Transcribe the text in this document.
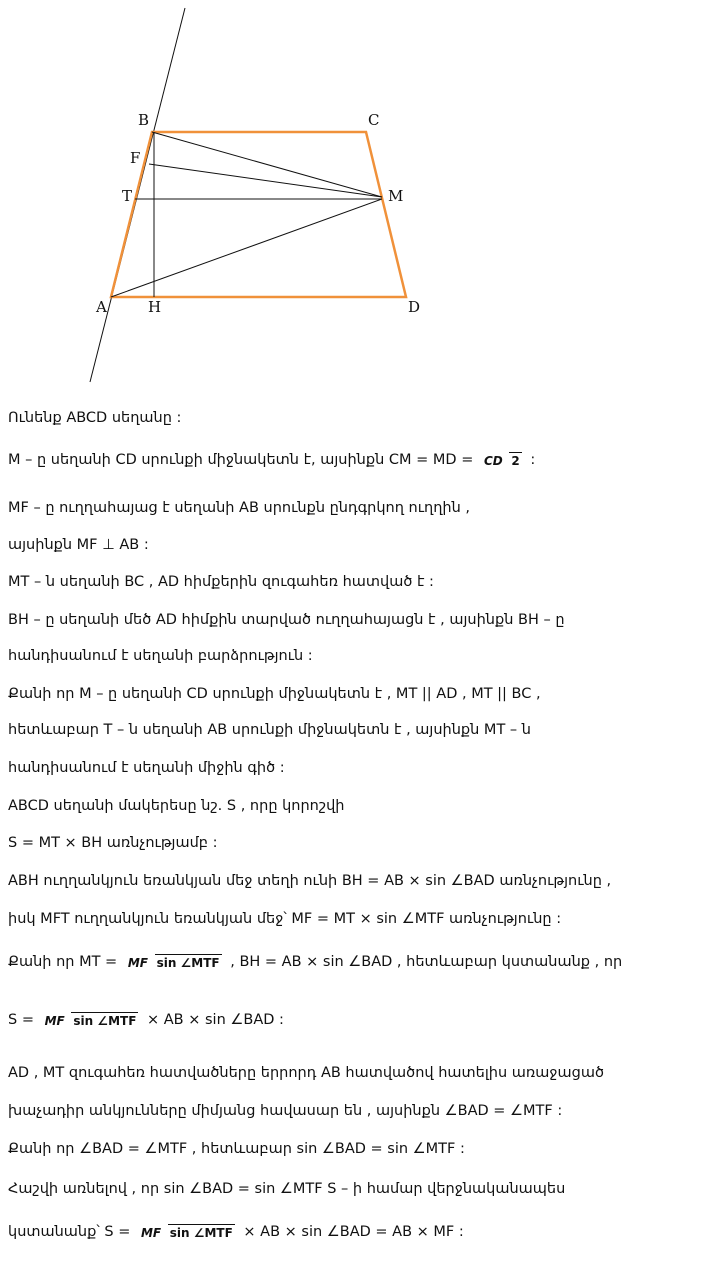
B	C
F
T	M
A	H	D
Ունենք ABCD սեղանը :
M – ը սեղանի CD սրունքի միջնակետն է, այսինքն CM = MD = CD 2 :
MF – ը ուղղահայաց է սեղանի AB սրունքն ընդգրկող ուղղին ,
այսինքն MF ⊥ AB :
MT – ն սեղանի BC , AD հիմքերին զուգահեռ հատված է :
BH – ը սեղանի մեծ AD հիմքին տարված ուղղահայացն է , այսինքն BH – ը
հանդիսանում է սեղանի բարձրություն :
Քանի որ M – ը սեղանի CD սրունքի միջնակետն է , MT || AD , MT || BC ,
հետևաբար T – ն սեղանի AB սրունքի միջնակետն է , այսինքն MT – ն
հանդիսանում է սեղանի միջին գիծ :
ABCD սեղանի մակերեսը նշ. S , որը կորոշվի
S = MT × BH առնչությամբ :
ABH ուղղանկյուն եռանկյան մեջ տեղի ունի BH = AB × sin ∠BAD առնչությունը ,
իսկ MFT ուղղանկյուն եռանկյան մեջ՝ MF = MT × sin ∠MTF առնչությունը :
Քանի որ MT = MF sin ∠MTF , BH = AB × sin ∠BAD , հետևաբար կստանանք , որ
S = MF sin ∠MTF × AB × sin ∠BAD :
AD , MT զուգահեռ հատվածները երրորդ AB հատվածով հատելիս առաջացած
խաչադիր անկյունները միմյանց հավասար են , այսինքն ∠BAD = ∠MTF :
Քանի որ ∠BAD = ∠MTF , հետևաբար sin ∠BAD = sin ∠MTF :
Հաշվի առնելով , որ sin ∠BAD = sin ∠MTF S – ի համար վերջնականապես
կստանանք՝ S = MF sin ∠MTF × AB × sin ∠BAD = AB × MF :
